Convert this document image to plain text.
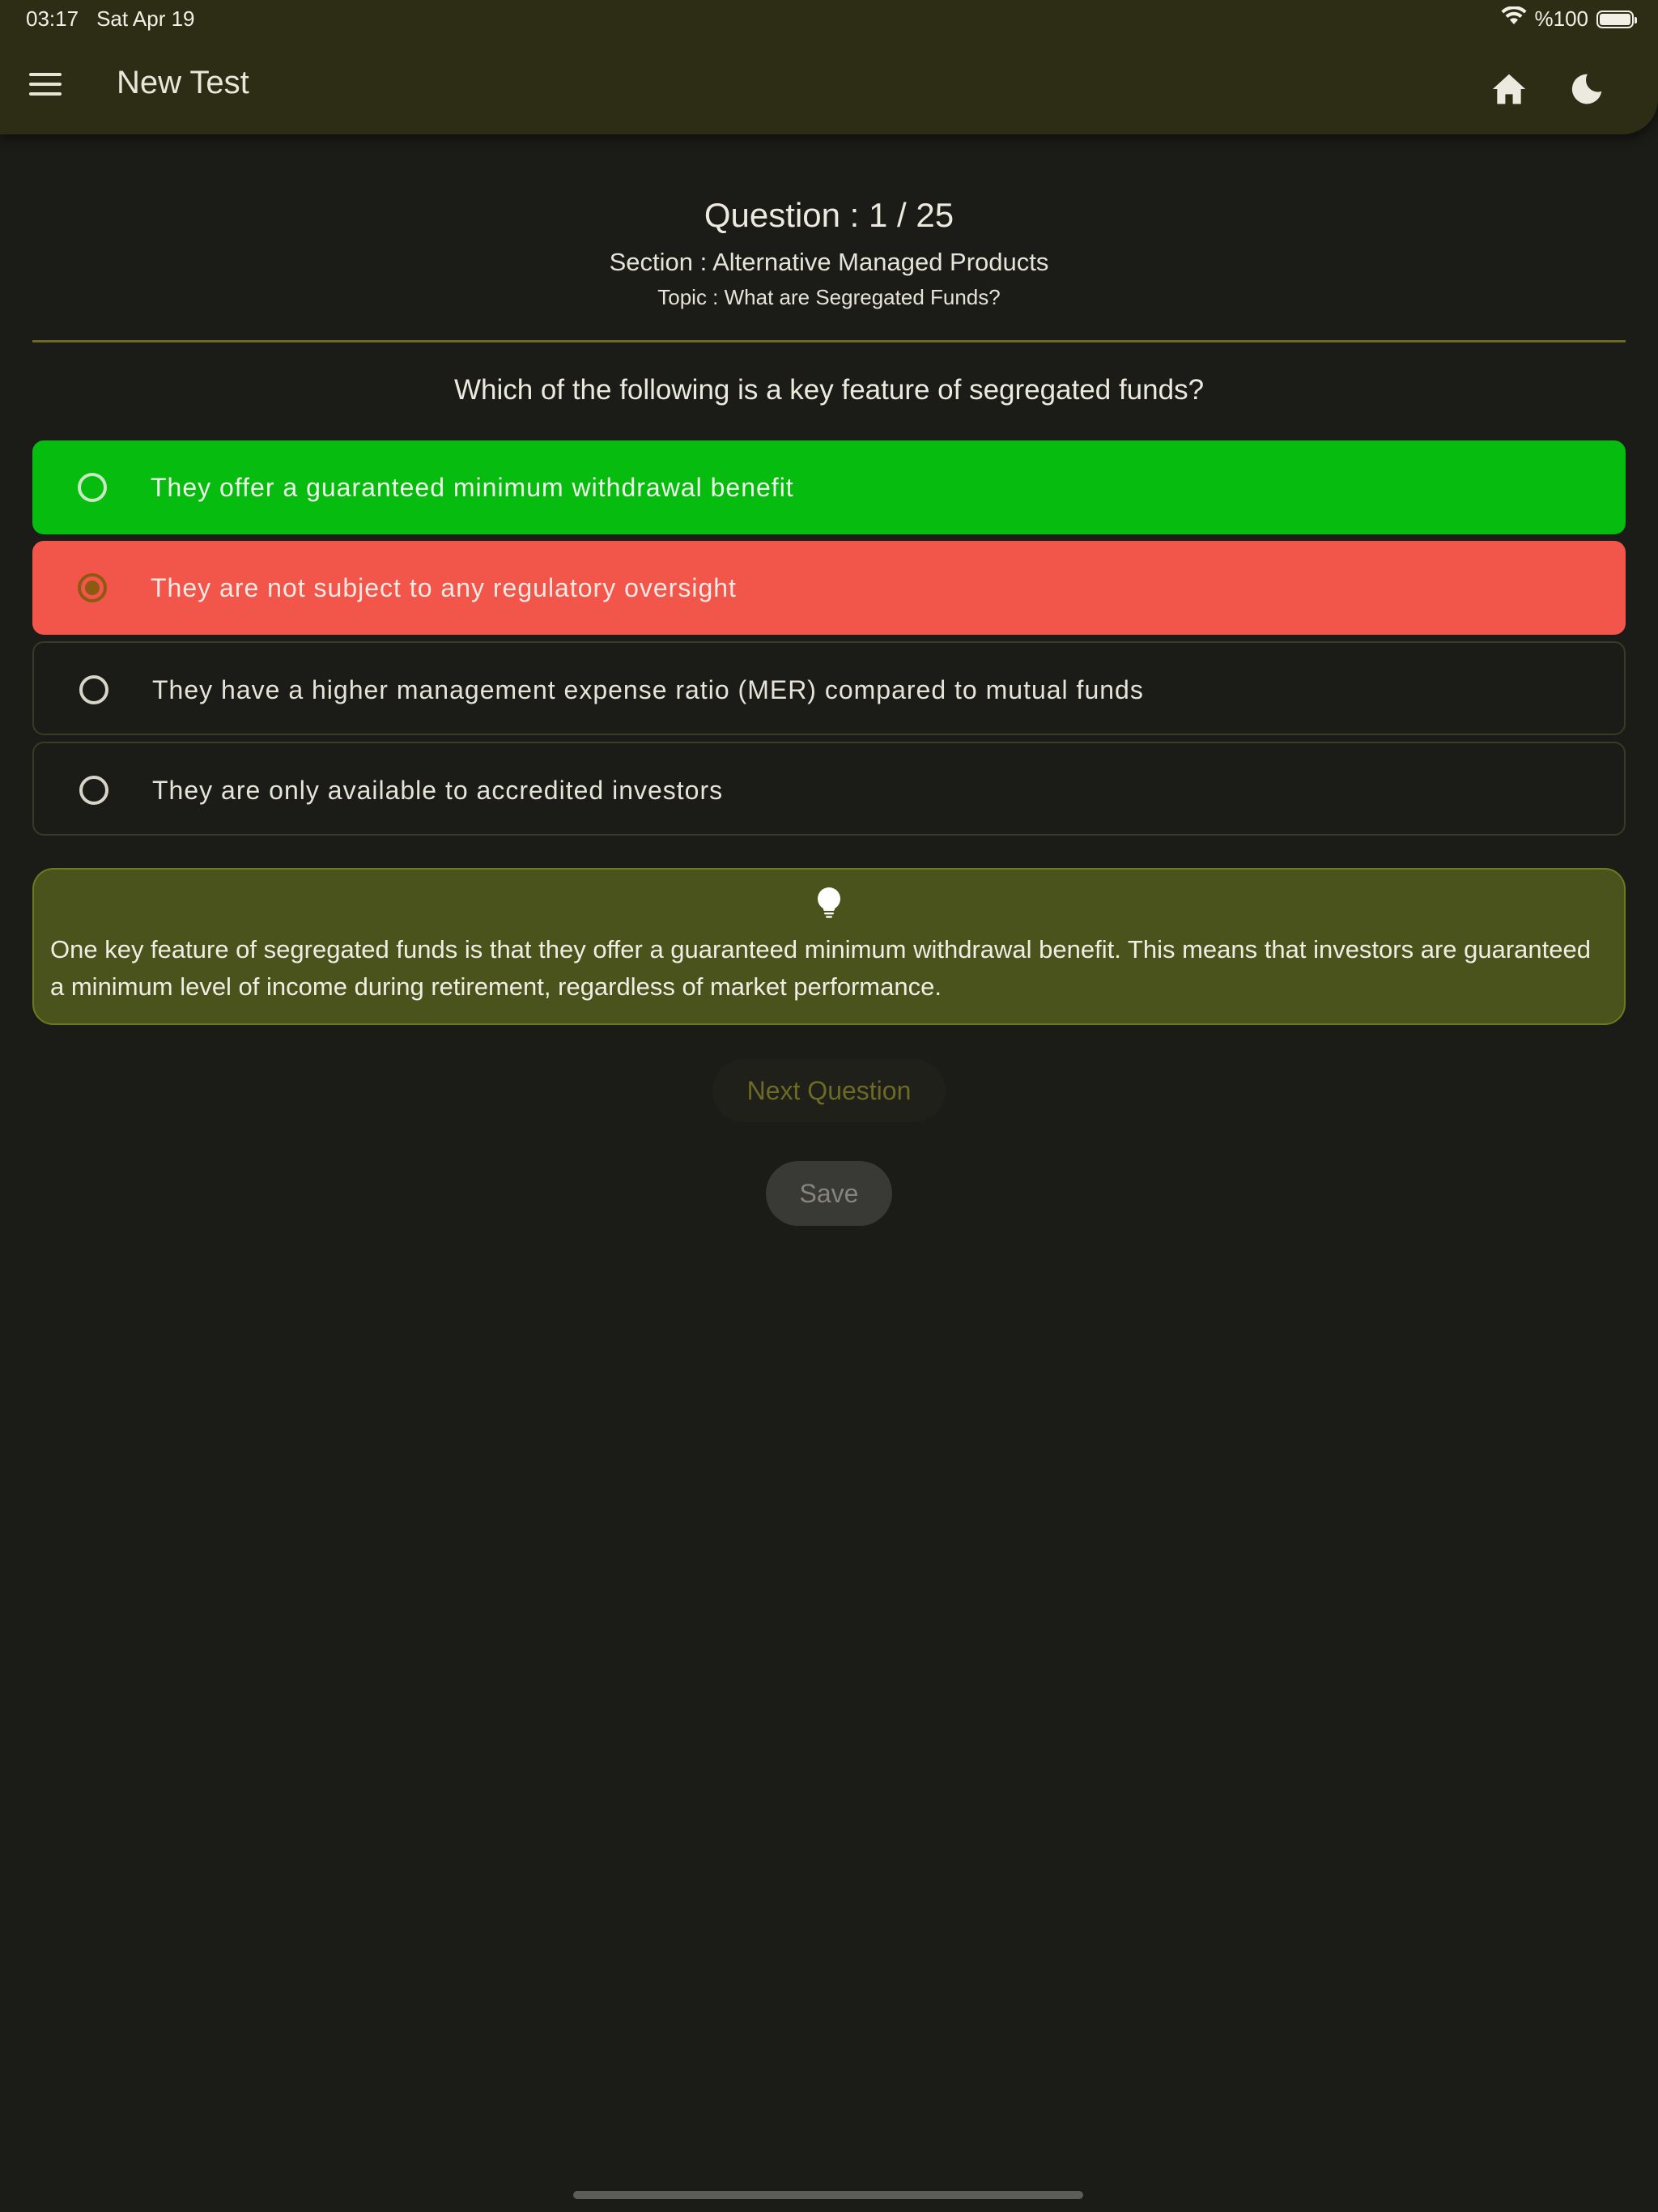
03:17 Sat Apr 19	%100
New Test
Question : 1 / 25
Section : Alternative Managed Products
Topic : What are Segregated Funds?
Which of the following is a key feature of segregated funds?
They offer a guaranteed minimum withdrawal benefit
They are not subject to any regulatory oversight
They have a higher management expense ratio (MER) compared to mutual funds
They are only available to accredited investors
One key feature of segregated funds is that they offer a guaranteed minimum withdrawal benefit. This means that investors are guaranteed a minimum level of income during retirement, regardless of market performance.
Next Question
Save
